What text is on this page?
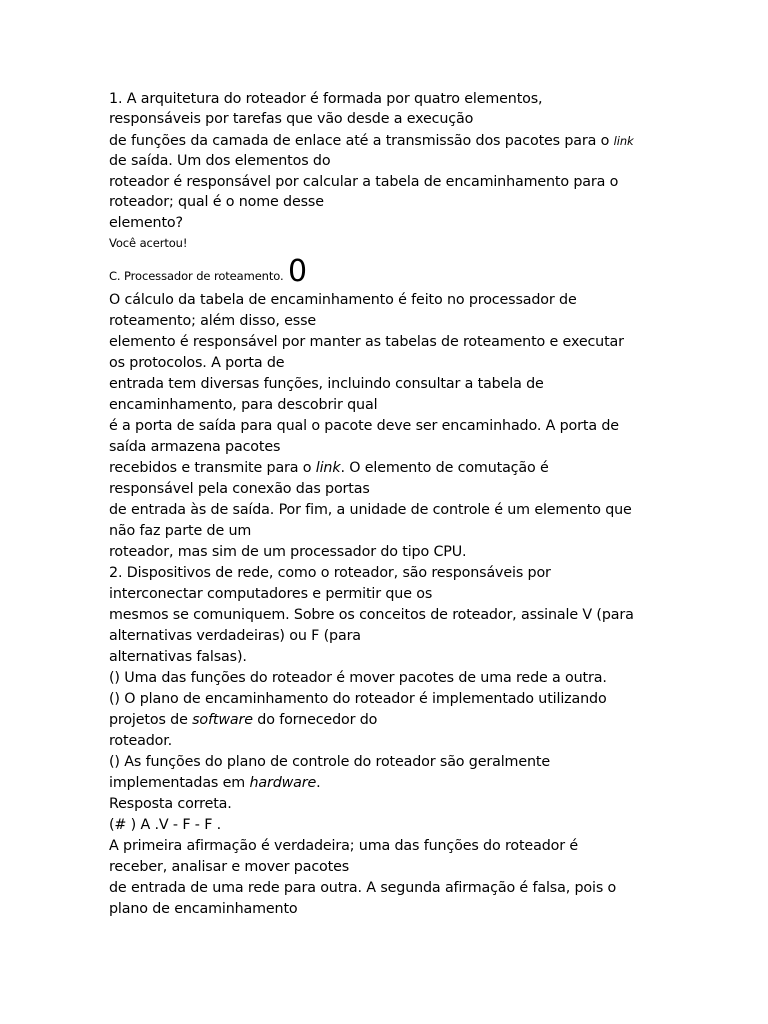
1. A arquitetura do roteador é formada por quatro elementos,
responsáveis por tarefas que vão desde a execução
de funções da camada de enlace até a transmissão dos pacotes para o link
de saída. Um dos elementos do
roteador é responsável por calcular a tabela de encaminhamento para o
roteador; qual é o nome desse
elemento?
Você acertou!
C. Processador de roteamento. 0
O cálculo da tabela de encaminhamento é feito no processador de
roteamento; além disso, esse
elemento é responsável por manter as tabelas de roteamento e executar
os protocolos. A porta de
entrada tem diversas funções, incluindo consultar a tabela de
encaminhamento, para descobrir qual
é a porta de saída para qual o pacote deve ser encaminhado. A porta de
saída armazena pacotes
recebidos e transmite para o link. O elemento de comutação é
responsável pela conexão das portas
de entrada às de saída. Por fim, a unidade de controle é um elemento que
não faz parte de um
roteador, mas sim de um processador do tipo CPU.
2. Dispositivos de rede, como o roteador, são responsáveis por
interconectar computadores e permitir que os
mesmos se comuniquem. Sobre os conceitos de roteador, assinale V (para
alternativas verdadeiras) ou F (para
alternativas falsas).
() Uma das funções do roteador é mover pacotes de uma rede a outra.
() O plano de encaminhamento do roteador é implementado utilizando
projetos de software do fornecedor do
roteador.
() As funções do plano de controle do roteador são geralmente
implementadas em hardware.
Resposta correta.
(# ) A .V - F - F .
A primeira afirmação é verdadeira; uma das funções do roteador é
receber, analisar e mover pacotes
de entrada de uma rede para outra. A segunda afirmação é falsa, pois o
plano de encaminhamento
